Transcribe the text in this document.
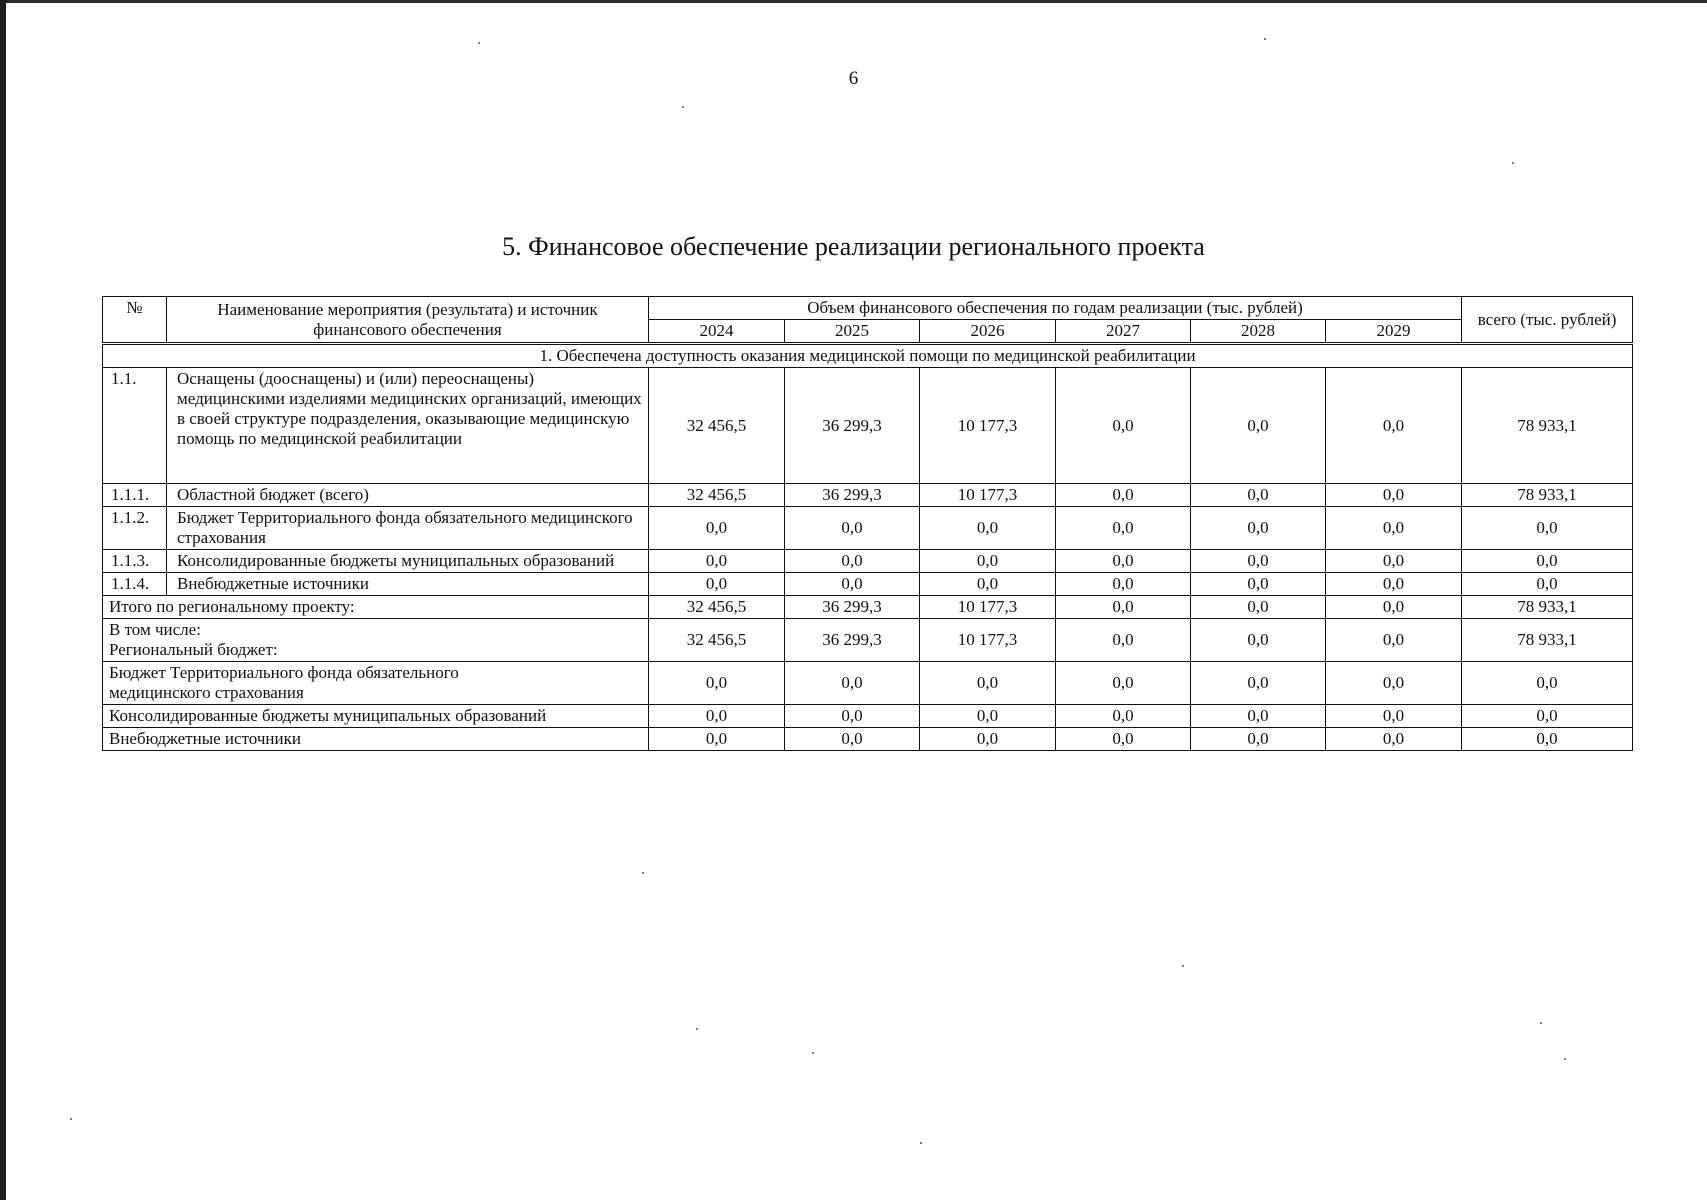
6
5. Финансовое обеспечение реализации регионального проекта
№	Наименование мероприятия (результата) и источник финансового обеспечения	Объем финансового обеспечения по годам реализации (тыс. рублей)						всего (тыс. рублей)
		2024	2025	2026	2027	2028	2029	
1. Обеспечена доступность оказания медицинской помощи по медицинской реабилитации								
1.1.	Оснащены (дооснащены) и (или) переоснащены) медицинскими изделиями медицинских организаций, имеющих в своей структуре подразделения, оказывающие медицинскую помощь по медицинской реабилитации	32 456,5	36 299,3	10 177,3	0,0	0,0	0,0	78 933,1
1.1.1.	Областной бюджет (всего)	32 456,5	36 299,3	10 177,3	0,0	0,0	0,0	78 933,1
1.1.2.	Бюджет Территориального фонда обязательного медицинского страхования	0,0	0,0	0,0	0,0	0,0	0,0	0,0
1.1.3.	Консолидированные бюджеты муниципальных образований	0,0	0,0	0,0	0,0	0,0	0,0	0,0
1.1.4.	Внебюджетные источники	0,0	0,0	0,0	0,0	0,0	0,0	0,0
Итого по региональному проекту:		32 456,5	36 299,3	10 177,3	0,0	0,0	0,0	78 933,1

В том числе:
Региональный бюджет:		32 456,5	36 299,3	10 177,3	0,0	0,0	0,0	78 933,1
Бюджет Территориального фонда обязательного медицинского страхования		0,0	0,0	0,0	0,0	0,0	0,0	0,0
Консолидированные бюджеты муниципальных образований		0,0	0,0	0,0	0,0	0,0	0,0	0,0
Внебюджетные источники		0,0	0,0	0,0	0,0	0,0	0,0	0,0
